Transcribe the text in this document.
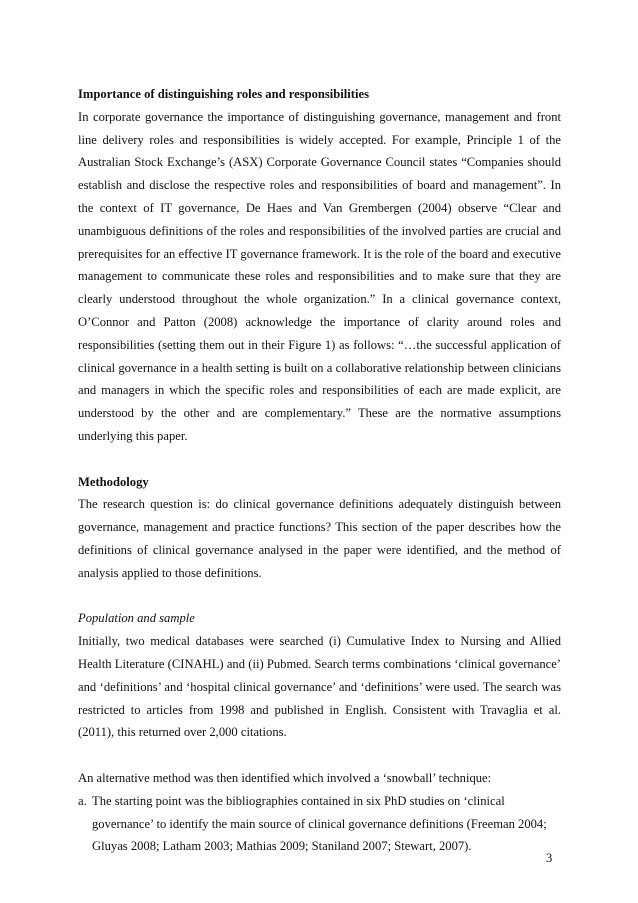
Importance of distinguishing roles and responsibilities

In corporate governance the importance of distinguishing governance, management and front line delivery roles and responsibilities is widely accepted. For example, Principle 1 of the Australian Stock Exchange’s (ASX) Corporate Governance Council states “Companies should establish and disclose the respective roles and responsibilities of board and management”. In the context of IT governance, De Haes and Van Grembergen (2004) observe “Clear and unambiguous definitions of the roles and responsibilities of the involved parties are crucial and prerequisites for an effective IT governance framework. It is the role of the board and executive management to communicate these roles and responsibilities and to make sure that they are clearly understood throughout the whole organization.” In a clinical governance context, O’Connor and Patton (2008) acknowledge the importance of clarity around roles and responsibilities (setting them out in their Figure 1) as follows: “…the successful application of clinical governance in a health setting is built on a collaborative relationship between clinicians and managers in which the specific roles and responsibilities of each are made explicit, are understood by the other and are complementary.” These are the normative assumptions underlying this paper.

Methodology

The research question is: do clinical governance definitions adequately distinguish between governance, management and practice functions? This section of the paper describes how the definitions of clinical governance analysed in the paper were identified, and the method of analysis applied to those definitions.

Population and sample

Initially, two medical databases were searched (i) Cumulative Index to Nursing and Allied Health Literature (CINAHL) and (ii) Pubmed. Search terms combinations ‘clinical governance’ and ‘definitions’ and ‘hospital clinical governance’ and ‘definitions’ were used. The search was restricted to articles from 1998 and published in English. Consistent with Travaglia et al. (2011), this returned over 2,000 citations.

An alternative method was then identified which involved a ‘snowball’ technique:

a. The starting point was the bibliographies contained in six PhD studies on ‘clinical governance’ to identify the main source of clinical governance definitions (Freeman 2004; Gluyas 2008; Latham 2003; Mathias 2009; Staniland 2007; Stewart, 2007).
3
